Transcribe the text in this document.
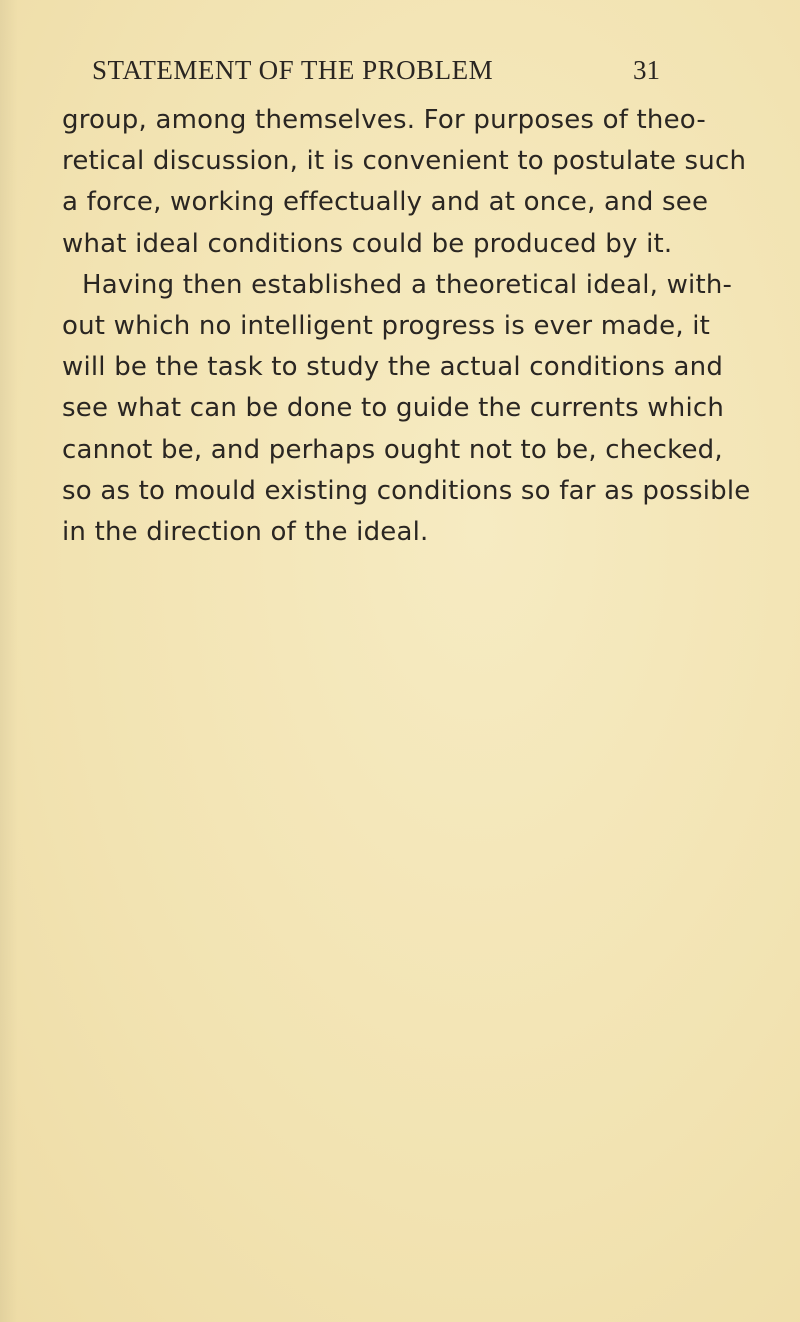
STATEMENT OF THE PROBLEM	31
group, among themselves. For purposes of theo-
retical discussion, it is convenient to postulate such
a force, working effectually and at once, and see
what ideal conditions could be produced by it.
Having then established a theoretical ideal, with-
out which no intelligent progress is ever made, it
will be the task to study the actual conditions and
see what can be done to guide the currents which
cannot be, and perhaps ought not to be, checked,
so as to mould existing conditions so far as possible
in the direction of the ideal.
